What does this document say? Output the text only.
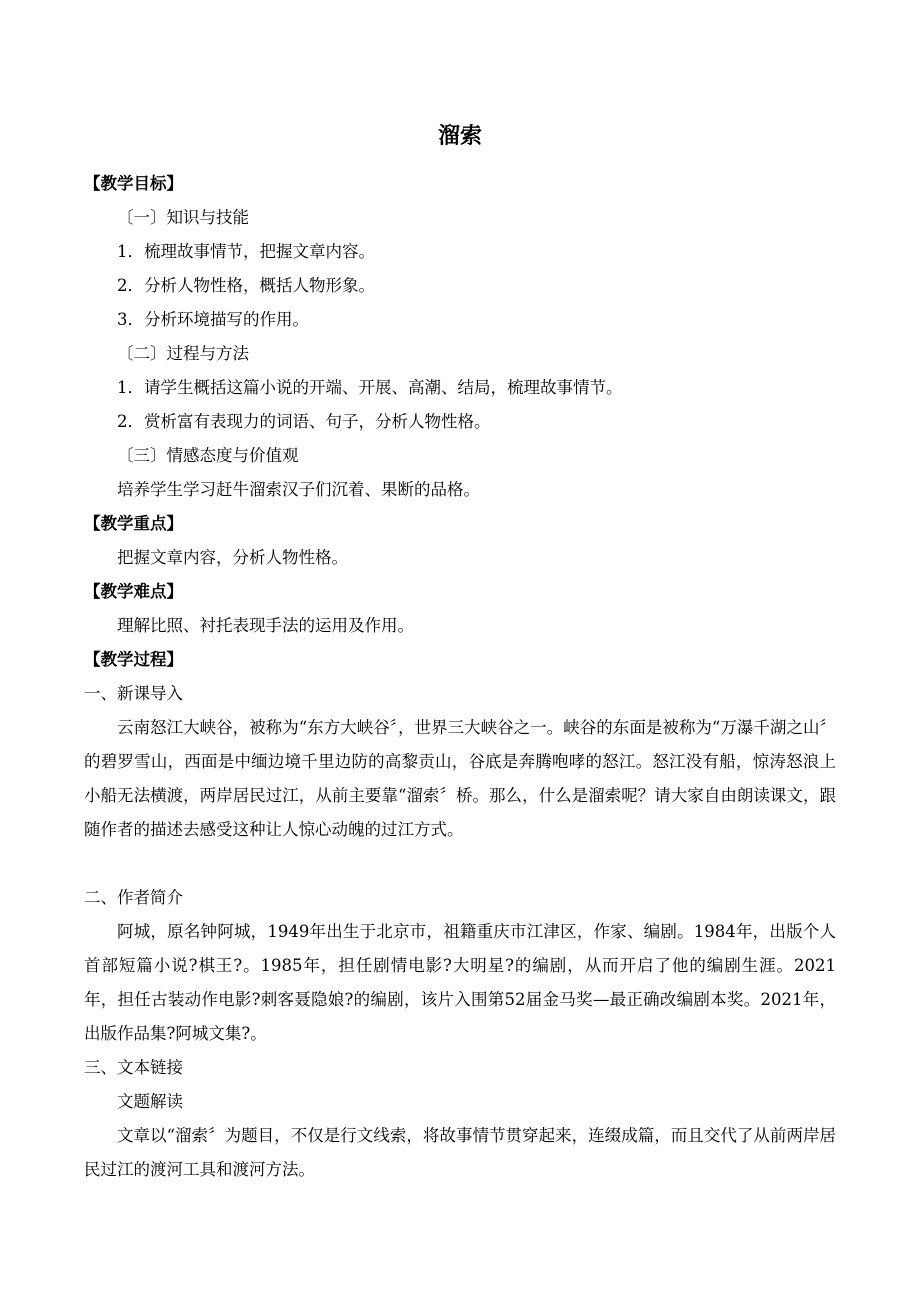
溜索
【教学目标】
〔一〕知识与技能
1．梳理故事情节，把握文章内容。
2．分析人物性格，概括人物形象。
3．分析环境描写的作用。
〔二〕过程与方法
1．请学生概括这篇小说的开端、开展、高潮、结局，梳理故事情节。
2．赏析富有表现力的词语、句子，分析人物性格。
〔三〕情感态度与价值观
培养学生学习赶牛溜索汉子们沉着、果断的品格。
【教学重点】
把握文章内容，分析人物性格。
【教学难点】
理解比照、衬托表现手法的运用及作用。
【教学过程】
一、新课导入
云南怒江大峡谷，被称为“东方大峡谷〞，世界三大峡谷之一。峡谷的东面是被称为“万瀑千湖之山〞的碧罗雪山，西面是中缅边境千里边防的高黎贡山，谷底是奔腾咆哮的怒江。怒江没有船，惊涛怒浪上小船无法横渡，两岸居民过江，从前主要靠“溜索〞桥。那么，什么是溜索呢？请大家自由朗读课文，跟随作者的描述去感受这种让人惊心动魄的过江方式。
二、作者简介
阿城，原名钟阿城，1949年出生于北京市，祖籍重庆市江津区，作家、编剧。1984年，出版个人首部短篇小说?棋王?。1985年，担任剧情电影?大明星?的编剧，从而开启了他的编剧生涯。2021　年，担任古装动作电影?刺客聂隐娘?的编剧，该片入围第52届金马奖—最正确改编剧本奖。2021年，出版作品集?阿城文集?。
三、文本链接
文题解读
文章以“溜索〞为题目，不仅是行文线索，将故事情节贯穿起来，连缀成篇，而且交代了从前两岸居民过江的渡河工具和渡河方法。
